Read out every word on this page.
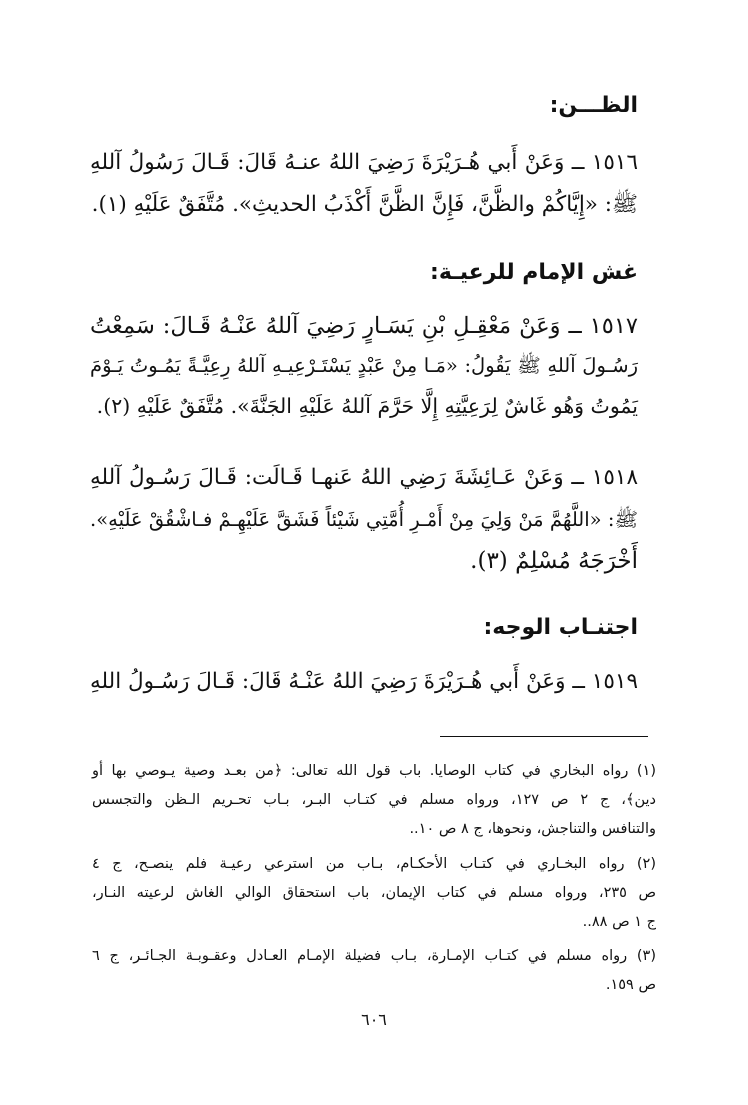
الظـــن:
١٥١٦ ــ وَعَنْ أَبي هُـرَيْرَةَ رَضِيَ اللهُ عنـهُ قَالَ: قَـالَ رَسُولُ آللهِ
ﷺ: «إِيَّاكُمْ والظَّنَّ، فَإِنَّ الظَّنَّ أَكْذَبُ الحديثِ». مُتَّفَقٌ عَلَيْهِ (١).
غش الإمام للرعيـة:
١٥١٧ ــ وَعَنْ مَعْقِـلِ بْنِ يَسَـارٍ رَضِيَ آللهُ عَنْـهُ قَـالَ: سَمِعْتُ
رَسُـولَ آللهِ ﷺ يَقُولُ: «مَـا مِنْ عَبْدٍ يَسْتَـرْعِيـهِ آللهُ رِعِيَّـةً يَمُـوتُ يَـوْمَ
يَمُوتُ وَهُو غَاشٌ لِرَعِيَّتِهِ إِلَّا حَرَّمَ آللهُ عَلَيْهِ الجَنَّةَ». مُتَّفَقٌ عَلَيْهِ (٢).
١٥١٨ ــ وَعَنْ عَـائِشَةَ رَضِي اللهُ عَنهـا قَـالَت: قَـالَ رَسُـولُ آللهِ
ﷺ: «اللَّهُمَّ مَنْ وَلِيَ مِنْ أَمْـرِ أُمَّتِي شَيْئاً فَشَقَّ عَلَيْهِـمْ فـاشْقُقْ عَلَيْهِ».
أَخْرَجَهُ مُسْلِمٌ (٣).
اجتنـاب الوجه:
١٥١٩ ــ وَعَنْ أَبي هُـرَيْرَةَ رَضِيَ اللهُ عَنْـهُ قَالَ: قَـالَ رَسُـولُ اللهِ
(١) رواه البخاري في كتاب الوصايا. باب قول الله تعالى: ﴿من بعـد وصية يـوصي بها أو
دين﴾، ج ٢ ص ١٢٧، ورواه مسلم في كتـاب البـر، بـاب تحـريم الـظن والتجسس
والتنافس والتناجش، ونحوها، ج ٨ ص ١٠..
(٢) رواه البخـاري في كتـاب الأحكـام، بـاب من استرعي رعيـة فلم ينصـح، ج ٤
ص ٢٣٥، ورواه مسلم في كتاب الإيمان، باب استحقاق الوالي الغاش لرعيته النـار،
ج ١ ص ٨٨..
(٣) رواه مسلم في كتـاب الإمـارة، بـاب فضيلة الإمـام العـادل وعقـوبـة الجـائـر، ج ٦
ص ١٥٩.
٦٠٦
